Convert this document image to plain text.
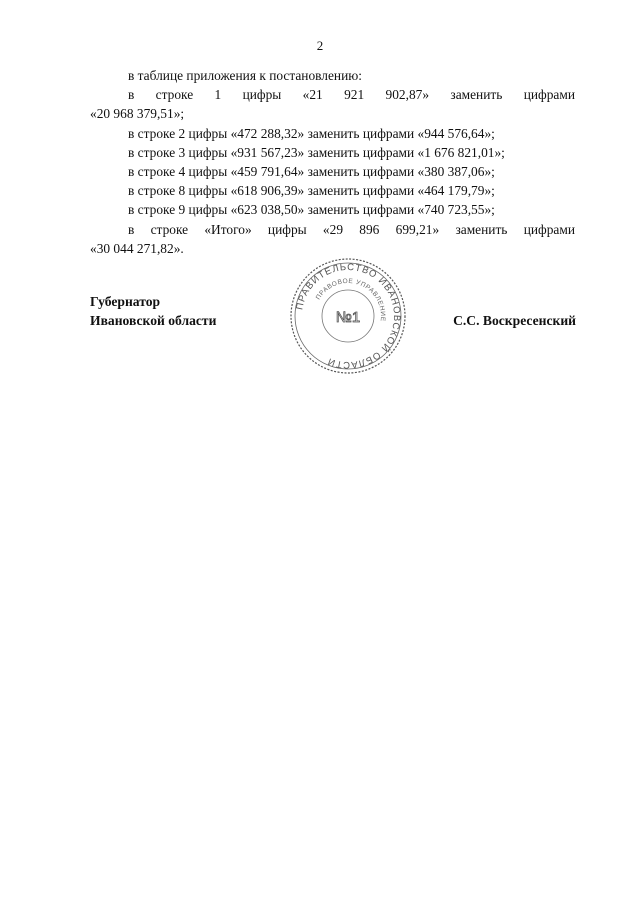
2

в таблице приложения к постановлению:

в строке 1 цифры «21 921 902,87» заменить цифрами

«20 968 379,51»;

в строке 2 цифры «472 288,32» заменить цифрами «944 576,64»;

в строке 3 цифры «931 567,23» заменить цифрами «1 676 821,01»;

в строке 4 цифры «459 791,64» заменить цифрами «380 387,06»;

в строке 8 цифры «618 906,39» заменить цифрами «464 179,79»;

в строке 9 цифры «623 038,50» заменить цифрами «740 723,55»;

в строке «Итого» цифры «29 896 699,21» заменить цифрами

«30 044 271,82».

Губернатор
Ивановской области
ПРАВИТЕЛЬСТВО ИВАНОВСКОЙ ОБЛАСТИ
ПРАВОВОЕ УПРАВЛЕНИЕ
№1	С.С. Воскресенский
